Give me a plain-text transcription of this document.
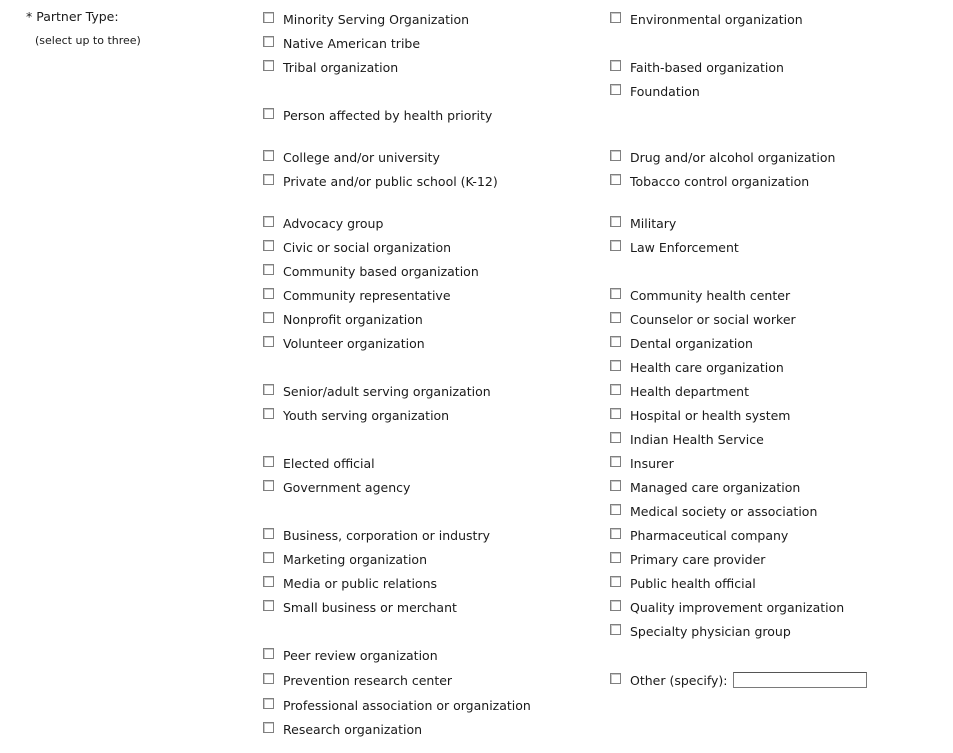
* Partner Type:
(select up to three)
Minority Serving Organization
Native American tribe
Tribal organization
Person affected by health priority
College and/or university
Private and/or public school (K-12)
Advocacy group
Civic or social organization
Community based organization
Community representative
Nonprofit organization
Volunteer organization
Senior/adult serving organization
Youth serving organization
Elected official
Government agency
Business, corporation or industry
Marketing organization
Media or public relations
Small business or merchant
Peer review organization
Prevention research center
Professional association or organization
Research organization
Environmental organization
Faith-based organization
Foundation
Drug and/or alcohol organization
Tobacco control organization
Military
Law Enforcement
Community health center
Counselor or social worker
Dental organization
Health care organization
Health department
Hospital or health system
Indian Health Service
Insurer
Managed care organization
Medical society or association
Pharmaceutical company
Primary care provider
Public health official
Quality improvement organization
Specialty physician group
Other (specify):
